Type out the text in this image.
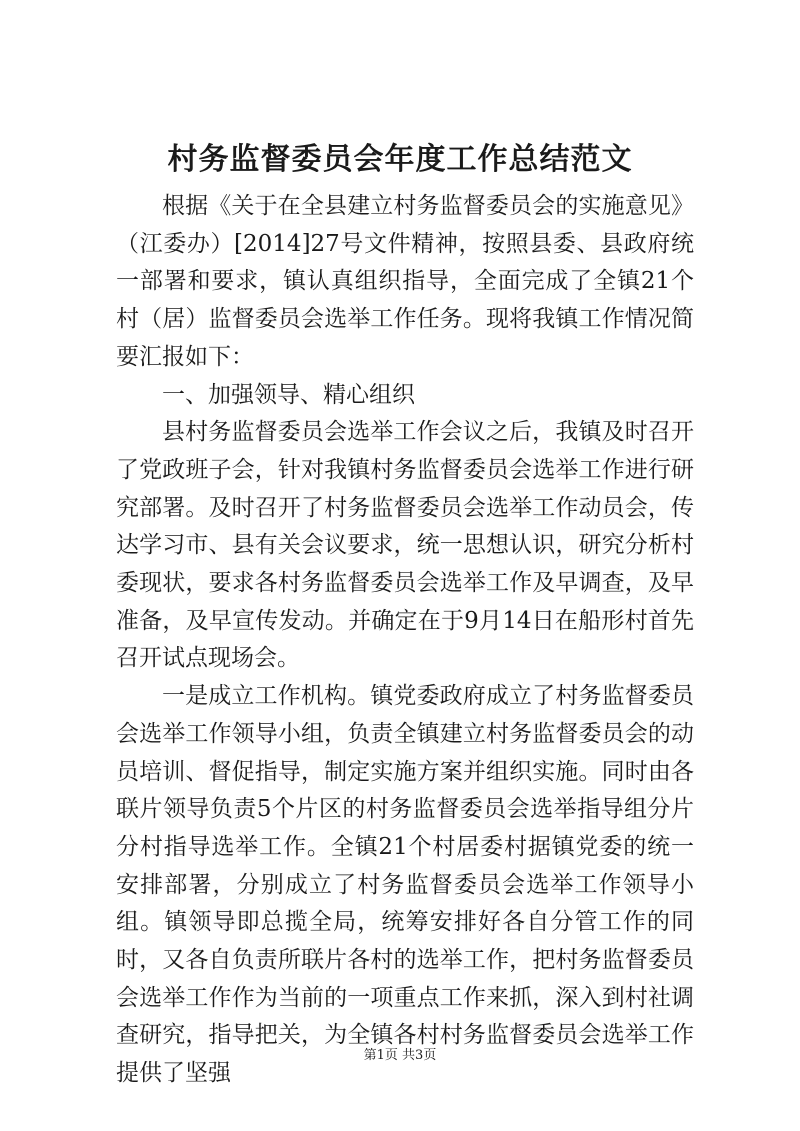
村务监督委员会年度工作总结范文

根据《关于在全县建立村务监督委员会的实施意见》（江委办）[2014]27号文件精神，按照县委、县政府统一部署和要求，镇认真组织指导，全面完成了全镇21个村（居）监督委员会选举工作任务。现将我镇工作情况简要汇报如下：

一、加强领导、精心组织

县村务监督委员会选举工作会议之后，我镇及时召开了党政班子会，针对我镇村务监督委员会选举工作进行研究部署。及时召开了村务监督委员会选举工作动员会，传达学习市、县有关会议要求，统一思想认识，研究分析村委现状，要求各村务监督委员会选举工作及早调查，及早准备，及早宣传发动。并确定在于9月14日在船形村首先召开试点现场会。

一是成立工作机构。镇党委政府成立了村务监督委员会选举工作领导小组，负责全镇建立村务监督委员会的动员培训、督促指导，制定实施方案并组织实施。同时由各联片领导负责5个片区的村务监督委员会选举指导组分片分村指导选举工作。全镇21个村居委村据镇党委的统一安排部署，分别成立了村务监督委员会选举工作领导小组。镇领导即总揽全局，统筹安排好各自分管工作的同时，又各自负责所联片各村的选举工作，把村务监督委员会选举工作作为当前的一项重点工作来抓，深入到村社调查研究，指导把关，为全镇各村村务监督委员会选举工作提供了坚强

第1页 共3页
